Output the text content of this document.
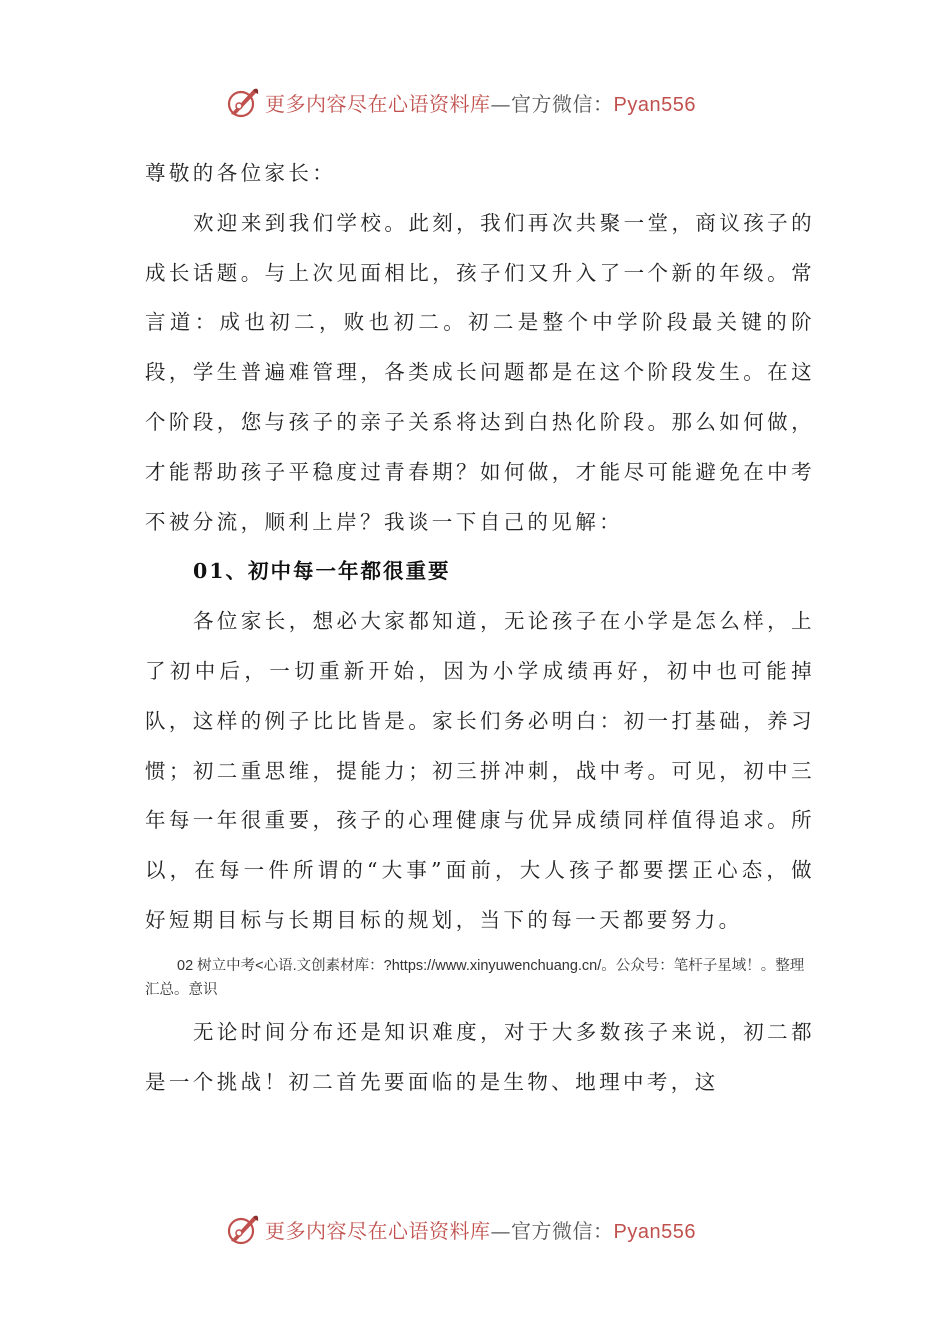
更多内容尽在心语资料库—官方微信：Pyan556

尊敬的各位家长：

欢迎来到我们学校。此刻，我们再次共聚一堂，商议孩子的成长话题。与上次见面相比，孩子们又升入了一个新的年级。常言道：成也初二，败也初二。初二是整个中学阶段最关键的阶段，学生普遍难管理，各类成长问题都是在这个阶段发生。在这个阶段，您与孩子的亲子关系将达到白热化阶段。那么如何做，才能帮助孩子平稳度过青春期？如何做，才能尽可能避免在中考不被分流，顺利上岸？我谈一下自己的见解：

01、初中每一年都很重要

各位家长，想必大家都知道，无论孩子在小学是怎么样，上了初中后，一切重新开始，因为小学成绩再好，初中也可能掉队，这样的例子比比皆是。家长们务必明白：初一打基础，养习惯；初二重思维，提能力；初三拼冲刺，战中考。可见，初中三年每一年很重要，孩子的心理健康与优异成绩同样值得追求。所以，在每一件所谓的“大事”面前，大人孩子都要摆正心态，做好短期目标与长期目标的规划，当下的每一天都要努力。

02 树立中考<心语.文创素材库：?https://www.xinyuwenchuang.cn/。公众号：笔杆子星域！。整理汇总。意识

无论时间分布还是知识难度，对于大多数孩子来说，初二都是一个挑战！初二首先要面临的是生物、地理中考，这

更多内容尽在心语资料库—官方微信：Pyan556
